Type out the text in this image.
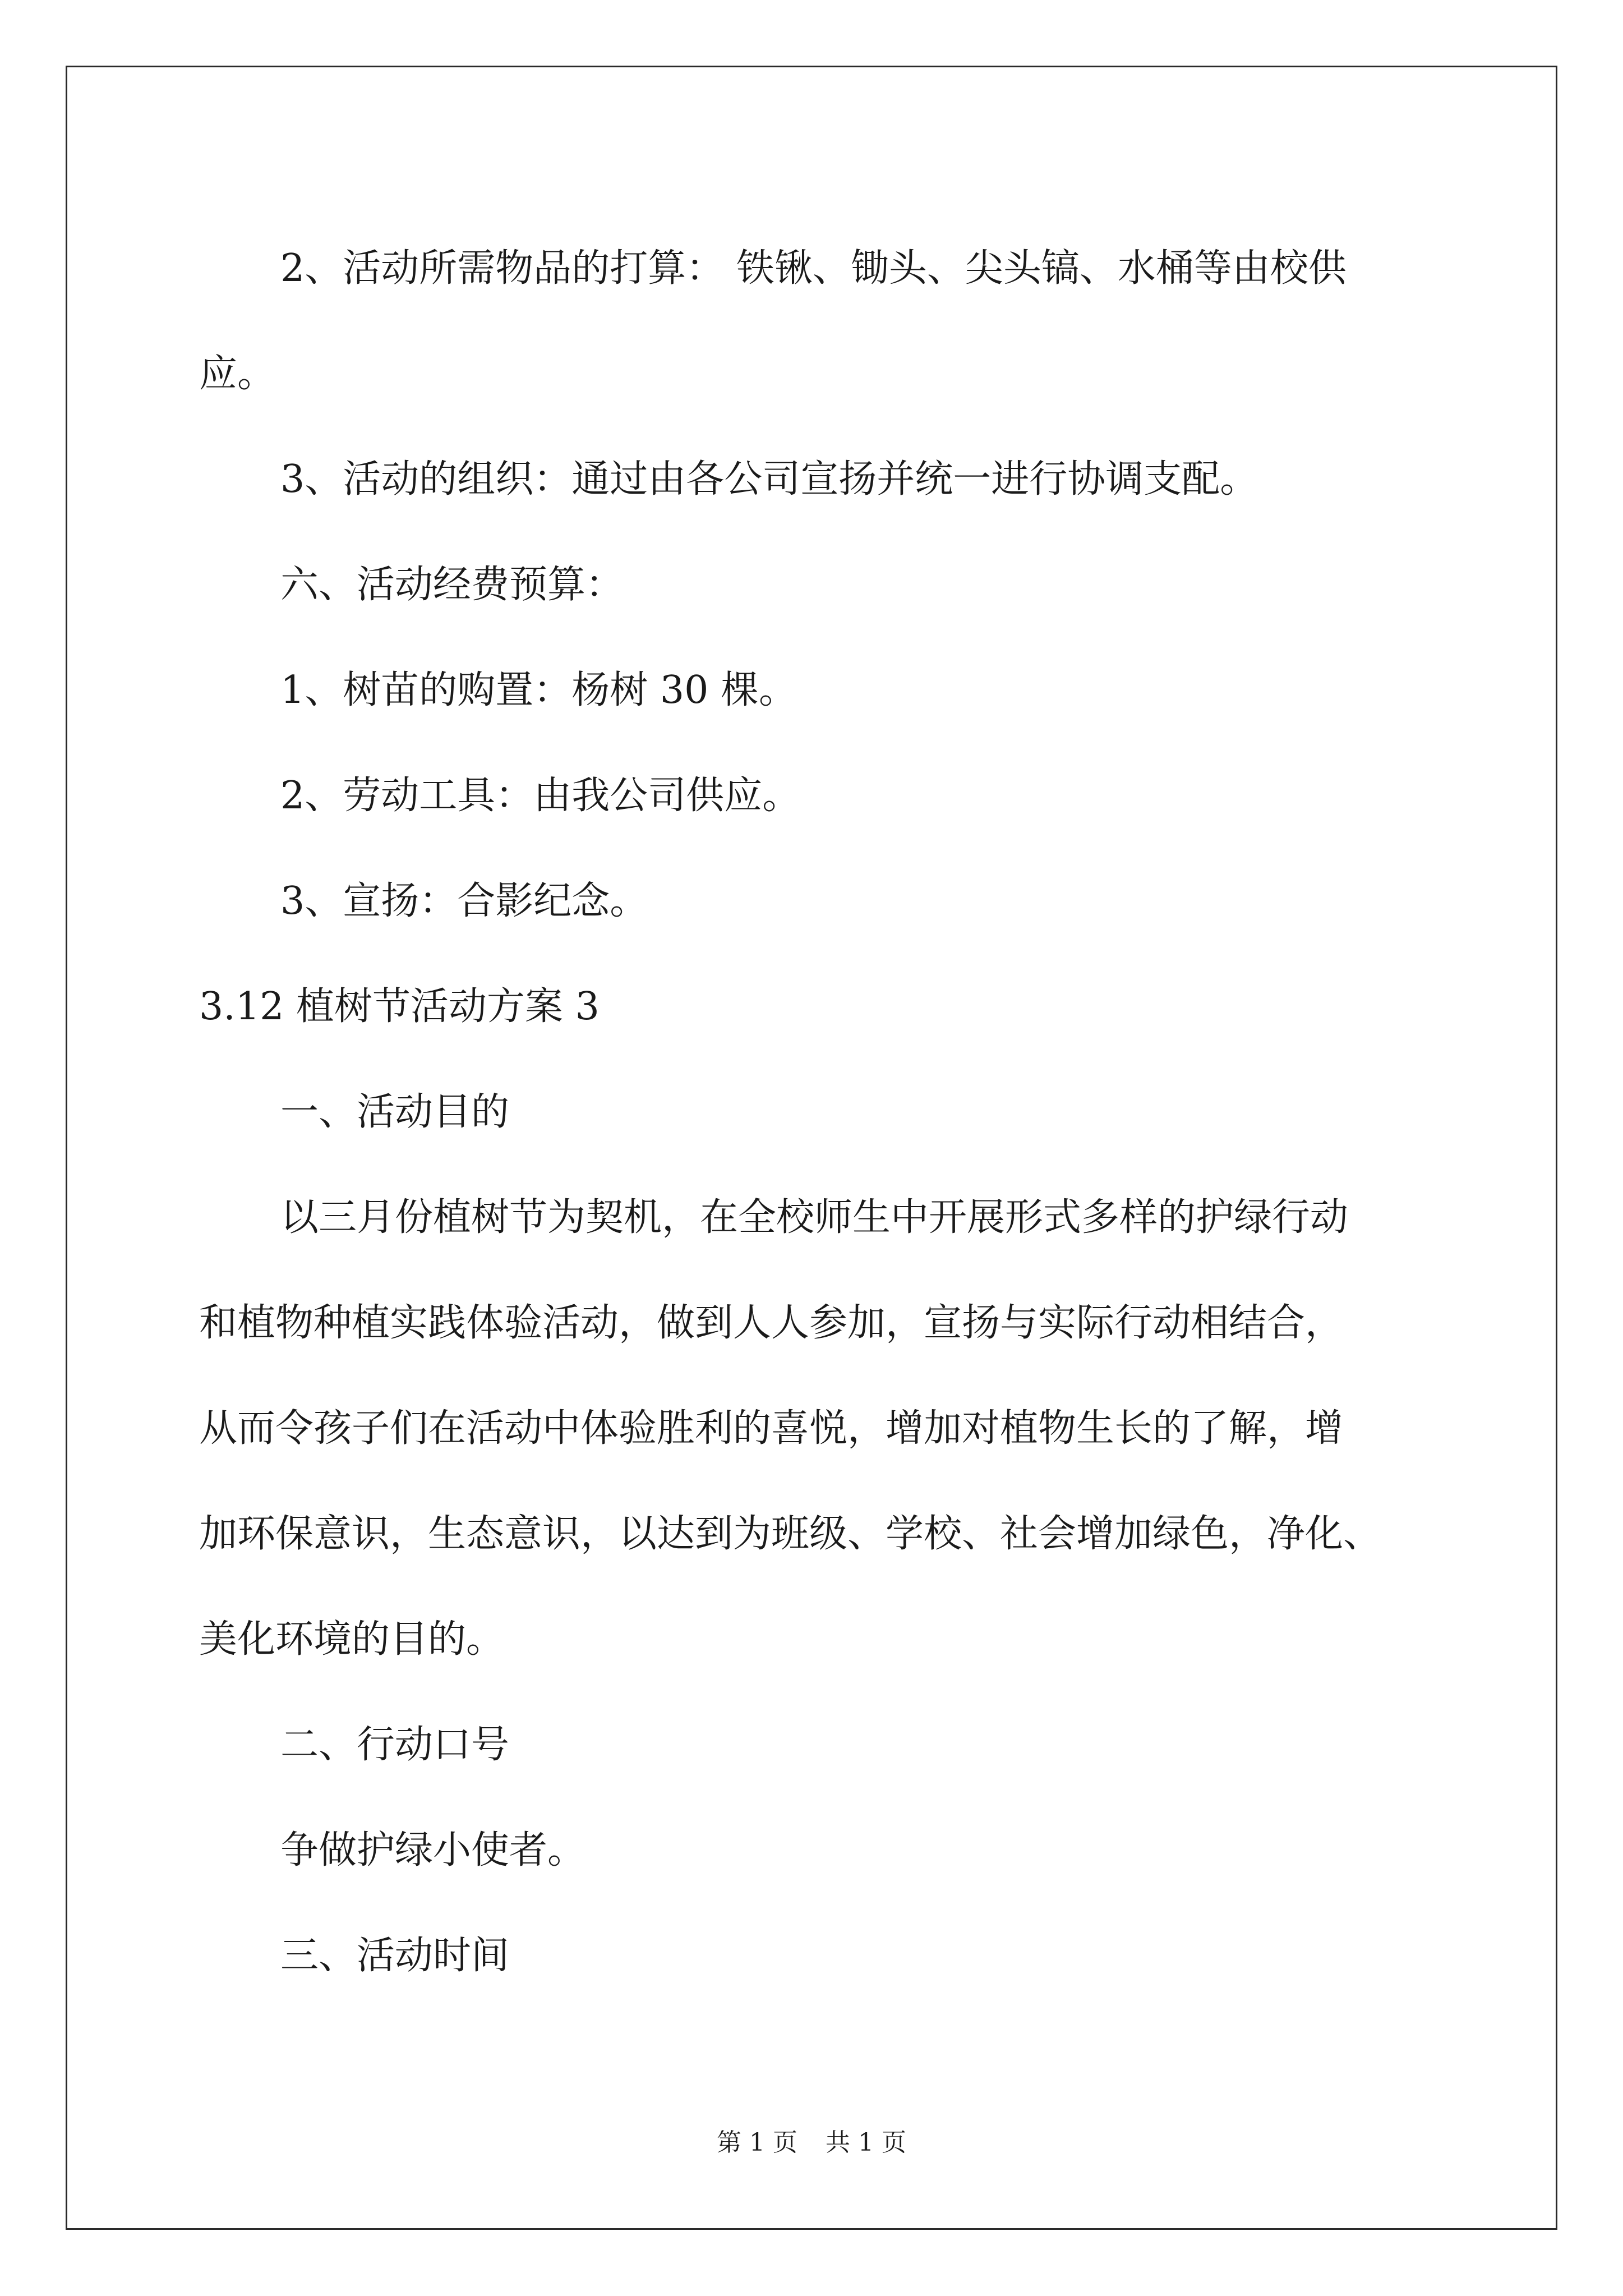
2、活动所需物品的打算： 铁锹、锄头、尖头镐、水桶等由校供
应。
3、活动的组织：通过由各公司宣扬并统一进行协调支配。
六、活动经费预算：
1、树苗的购置：杨树 30 棵。
2、劳动工具：由我公司供应。
3、宣扬：合影纪念。
3.12 植树节活动方案 3
一、活动目的
以三月份植树节为契机，在全校师生中开展形式多样的护绿行动
和植物种植实践体验活动，做到人人参加，宣扬与实际行动相结合，
从而令孩子们在活动中体验胜利的喜悦，增加对植物生长的了解，增
加环保意识，生态意识，以达到为班级、学校、社会增加绿色，净化、
美化环境的目的。
二、行动口号
争做护绿小使者。
三、活动时间
第 1 页 共 1 页
